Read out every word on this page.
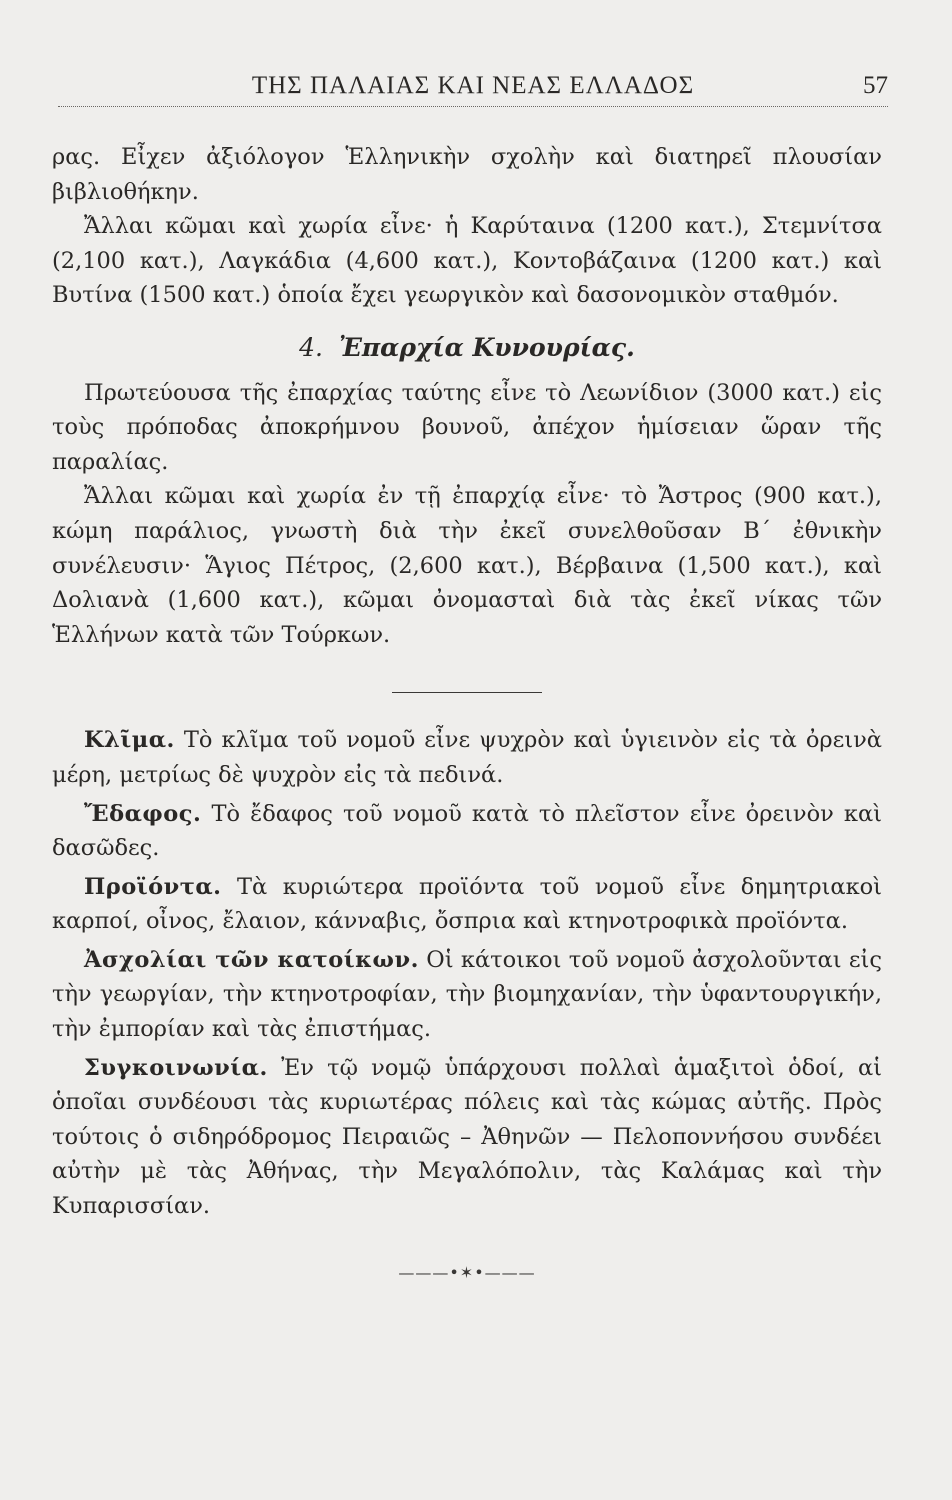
ΤΗΣ ΠΑΛΑΙΑΣ ΚΑΙ ΝΕΑΣ ΕΛΛΑΔΟΣ	57

ρας. Εἶχεν ἀξιόλογον Ἑλληνικὴν σχολὴν καὶ διατηρεῖ πλουσίαν βιβλιοθήκην.

Ἄλλαι κῶμαι καὶ χωρία εἶνε· ἡ Καρύταινα (1200 κατ.), Στεμνίτσα (2,100 κατ.), Λαγκάδια (4,600 κατ.), Κοντοβάζαινα (1200 κατ.) καὶ Βυτίνα (1500 κατ.) ὁποία ἔχει γεωργικὸν καὶ δασονομικὸν σταθμόν.

4. Ἐπαρχία Κυνουρίας.

Πρωτεύουσα τῆς ἐπαρχίας ταύτης εἶνε τὸ Λεωνίδιον (3000 κατ.) εἰς τοὺς πρόποδας ἀποκρήμνου βουνοῦ, ἀπέχον ἡμίσειαν ὥραν τῆς παραλίας.

Ἄλλαι κῶμαι καὶ χωρία ἐν τῇ ἐπαρχίᾳ εἶνε· τὸ Ἄστρος (900 κατ.), κώμη παράλιος, γνωστὴ διὰ τὴν ἐκεῖ συνελθοῦσαν Β΄ ἐθνικὴν συνέλευσιν· Ἅγιος Πέτρος, (2,600 κατ.), Βέρβαινα (1,500 κατ.), καὶ Δολιανὰ (1,600 κατ.), κῶμαι ὀνομασταὶ διὰ τὰς ἐκεῖ νίκας τῶν Ἑλλήνων κατὰ τῶν Τούρκων.

Κλῖμα. Τὸ κλῖμα τοῦ νομοῦ εἶνε ψυχρὸν καὶ ὑγιεινὸν εἰς τὰ ὀρεινὰ μέρη, μετρίως δὲ ψυχρὸν εἰς τὰ πεδινά.

Ἔδαφος. Τὸ ἔδαφος τοῦ νομοῦ κατὰ τὸ πλεῖστον εἶνε ὀρεινὸν καὶ δασῶδες.

Προϊόντα. Τὰ κυριώτερα προϊόντα τοῦ νομοῦ εἶνε δημητριακοὶ καρποί, οἶνος, ἔλαιον, κάνναβις, ὄσπρια καὶ κτηνοτροφικὰ προϊόντα.

Ἀσχολίαι τῶν κατοίκων. Οἱ κάτοικοι τοῦ νομοῦ ἀσχολοῦνται εἰς τὴν γεωργίαν, τὴν κτηνοτροφίαν, τὴν βιομηχανίαν, τὴν ὑφαντουργικήν, τὴν ἐμπορίαν καὶ τὰς ἐπιστήμας.

Συγκοινωνία. Ἐν τῷ νομῷ ὑπάρχουσι πολλαὶ ἁμαξιτοὶ ὁδοί, αἱ ὁποῖαι συνδέουσι τὰς κυριωτέρας πόλεις καὶ τὰς κώμας αὐτῆς. Πρὸς τούτοις ὁ σιδηρόδρομος Πειραιῶς – Ἀθηνῶν — Πελοποννήσου συνδέει αὐτὴν μὲ τὰς Ἀθήνας, τὴν Μεγαλόπολιν, τὰς Καλάμας καὶ τὴν Κυπαρισσίαν.

———•✶•———
